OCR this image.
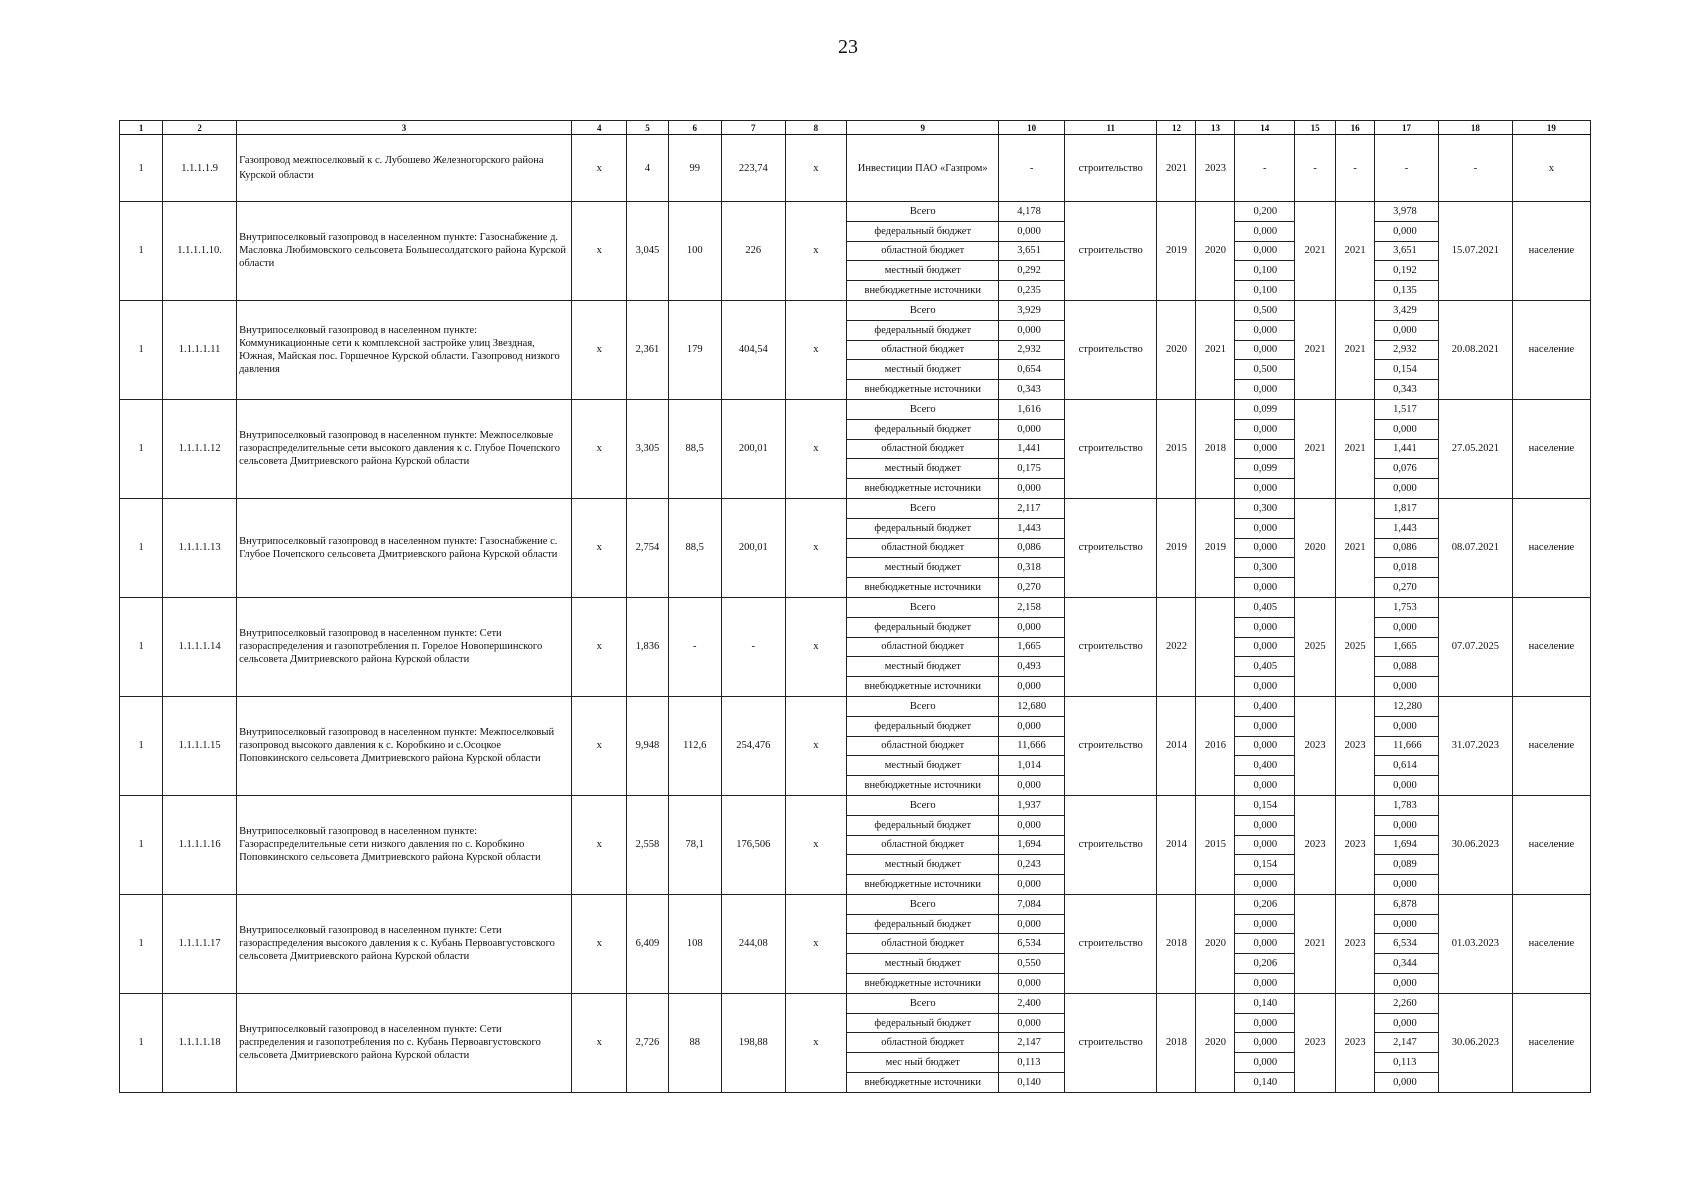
23
1	2	3	4	5	6	7	8	9	10	11	12	13	14	15	16	17	18	19
1	1.1.1.1.9	Газопровод межпоселковый к с. Лубошево Железногорского района Курской области	х	4	99	223,74	х	Инвестиции ПАО «Газпром»	-	строительство	2021	2023	-	-	-	-	-	х
1	1.1.1.1.10.	Внутрипоселковый газопровод в населенном пункте: Газоснабжение д. Масловка Любимовского сельсовета Большесолдатского района Курской области	х	3,045	100	226	х	Всего	4,178	строительство	2019	2020	0,200	2021	2021	3,978	15.07.2021	население
								федеральный бюджет	0,000				0,000			0,000		
								областной бюджет	3,651				0,000			3,651		
								местный бюджет	0,292				0,100			0,192		
								внебюджетные источники	0,235				0,100			0,135		
1	1.1.1.1.11	Внутрипоселковый газопровод в населенном пункте: Коммуникационные сети к комплексной застройке улиц Звездная, Южная, Майская пос. Горшечное Курской области. Газопровод низкого давления	х	2,361	179	404,54	х	Всего	3,929	строительство	2020	2021	0,500	2021	2021	3,429	20.08.2021	население
								федеральный бюджет	0,000				0,000			0,000		
								областной бюджет	2,932				0,000			2,932		
								местный бюджет	0,654				0,500			0,154		
								внебюджетные источники	0,343				0,000			0,343		
1	1.1.1.1.12	Внутрипоселковый газопровод в населенном пункте: Межпоселковые газораспределительные сети высокого давления к с. Глубое Почепского сельсовета Дмитриевского района Курской области	х	3,305	88,5	200,01	х	Всего	1,616	строительство	2015	2018	0,099	2021	2021	1,517	27.05.2021	население
								федеральный бюджет	0,000				0,000			0,000		
								областной бюджет	1,441				0,000			1,441		
								местный бюджет	0,175				0,099			0,076		
								внебюджетные источники	0,000				0,000			0,000		
1	1.1.1.1.13	Внутрипоселковый газопровод в населенном пункте: Газоснабжение с. Глубое Почепского сельсовета Дмитриевского района Курской области	х	2,754	88,5	200,01	х	Всего	2,117	строительство	2019	2019	0,300	2020	2021	1,817	08.07.2021	население
								федеральный бюджет	1,443				0,000			1,443		
								областной бюджет	0,086				0,000			0,086		
								местный бюджет	0,318				0,300			0,018		
								внебюджетные источники	0,270				0,000			0,270		
1	1.1.1.1.14	Внутрипоселковый газопровод в населенном пункте: Сети газораспределения и газопотребления п. Горелое Новопершинского сельсовета Дмитриевского района Курской области	х	1,836	-	-	х	Всего	2,158	строительство	2022		0,405	2025	2025	1,753	07.07.2025	население
								федеральный бюджет	0,000				0,000			0,000		
								областной бюджет	1,665				0,000			1,665		
								местный бюджет	0,493				0,405			0,088		
								внебюджетные источники	0,000				0,000			0,000		
1	1.1.1.1.15	Внутрипоселковый газопровод в населенном пункте: Межпоселковый газопровод высокого давления к с. Коробкино и с.Осоцкое Поповкинского сельсовета Дмитриевского района Курской области	х	9,948	112,6	254,476	х	Всего	12,680	строительство	2014	2016	0,400	2023	2023	12,280	31.07.2023	население
								федеральный бюджет	0,000				0,000			0,000		
								областной бюджет	11,666				0,000			11,666		
								местный бюджет	1,014				0,400			0,614		
								внебюджетные источники	0,000				0,000			0,000		
1	1.1.1.1.16	Внутрипоселковый газопровод в населенном пункте: Газораспределительные сети низкого давления по с. Коробкино Поповкинского сельсовета Дмитриевского района Курской области	х	2,558	78,1	176,506	х	Всего	1,937	строительство	2014	2015	0,154	2023	2023	1,783	30.06.2023	население
								федеральный бюджет	0,000				0,000			0,000		
								областной бюджет	1,694				0,000			1,694		
								местный бюджет	0,243				0,154			0,089		
								внебюджетные источники	0,000				0,000			0,000		
1	1.1.1.1.17	Внутрипоселковый газопровод в населенном пункте: Сети газораспределения высокого давления к с. Кубань Первоавгустовского сельсовета Дмитриевского района Курской области	х	6,409	108	244,08	х	Всего	7,084	строительство	2018	2020	0,206	2021	2023	6,878	01.03.2023	население
								федеральный бюджет	0,000				0,000			0,000		
								областной бюджет	6,534				0,000			6,534		
								местный бюджет	0,550				0,206			0,344		
								внебюджетные источники	0,000				0,000			0,000		
1	1.1.1.1.18	Внутрипоселковый газопровод в населенном пункте: Сети распределения и газопотребления по с. Кубань Первоавгустовского сельсовета Дмитриевского района Курской области	х	2,726	88	198,88	х	Всего	2,400	строительство	2018	2020	0,140	2023	2023	2,260	30.06.2023	население
								федеральный бюджет	0,000				0,000			0,000		
								областной бюджет	2,147				0,000			2,147		
								мес ный бюджет	0,113				0,000			0,113		
								внебюджетные источники	0,140				0,140			0,000		
